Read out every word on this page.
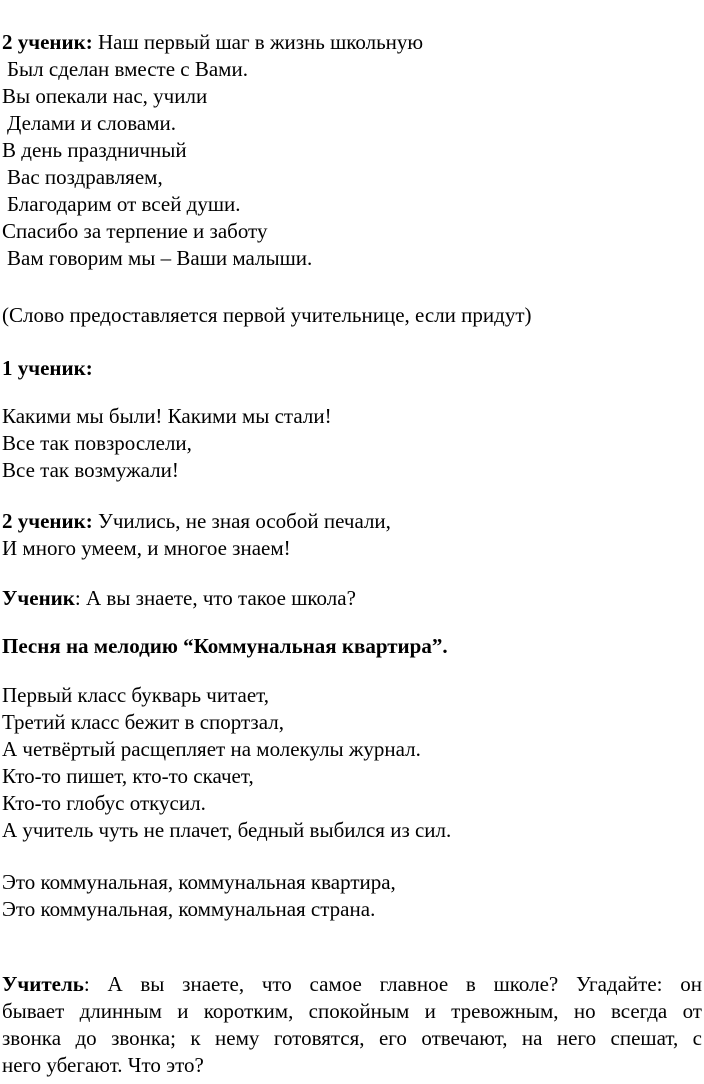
2 ученик: Наш первый шаг в жизнь школьную
Был сделан вместе с Вами.
Вы опекали нас, учили
Делами и словами.
В день праздничный
Вас поздравляем,
Благодарим от всей души.
Спасибо за терпение и заботу
Вам говорим мы – Ваши малыши.
(Слово предоставляется первой учительнице, если придут)
1 ученик:
Какими мы были! Какими мы стали!
Все так повзрослели,
Все так возмужали!
2 ученик: Учились, не зная особой печали,
И много умеем, и многое знаем!
Ученик: А вы знаете, что такое школа?
Песня на мелодию “Коммунальная квартира”.
Первый класс букварь читает,
Третий класс бежит в спортзал,
А четвёртый расщепляет на молекулы журнал.
Кто-то пишет, кто-то скачет,
Кто-то глобус откусил.
А учитель чуть не плачет, бедный выбился из сил.
Это коммунальная, коммунальная квартира,
Это коммунальная, коммунальная страна.
Учитель: А вы знаете, что самое главное в школе? Угадайте: он
бывает длинным и коротким, спокойным и тревожным, но всегда от
звонка до звонка; к нему готовятся, его отвечают, на него спешат, с
него убегают. Что это?
